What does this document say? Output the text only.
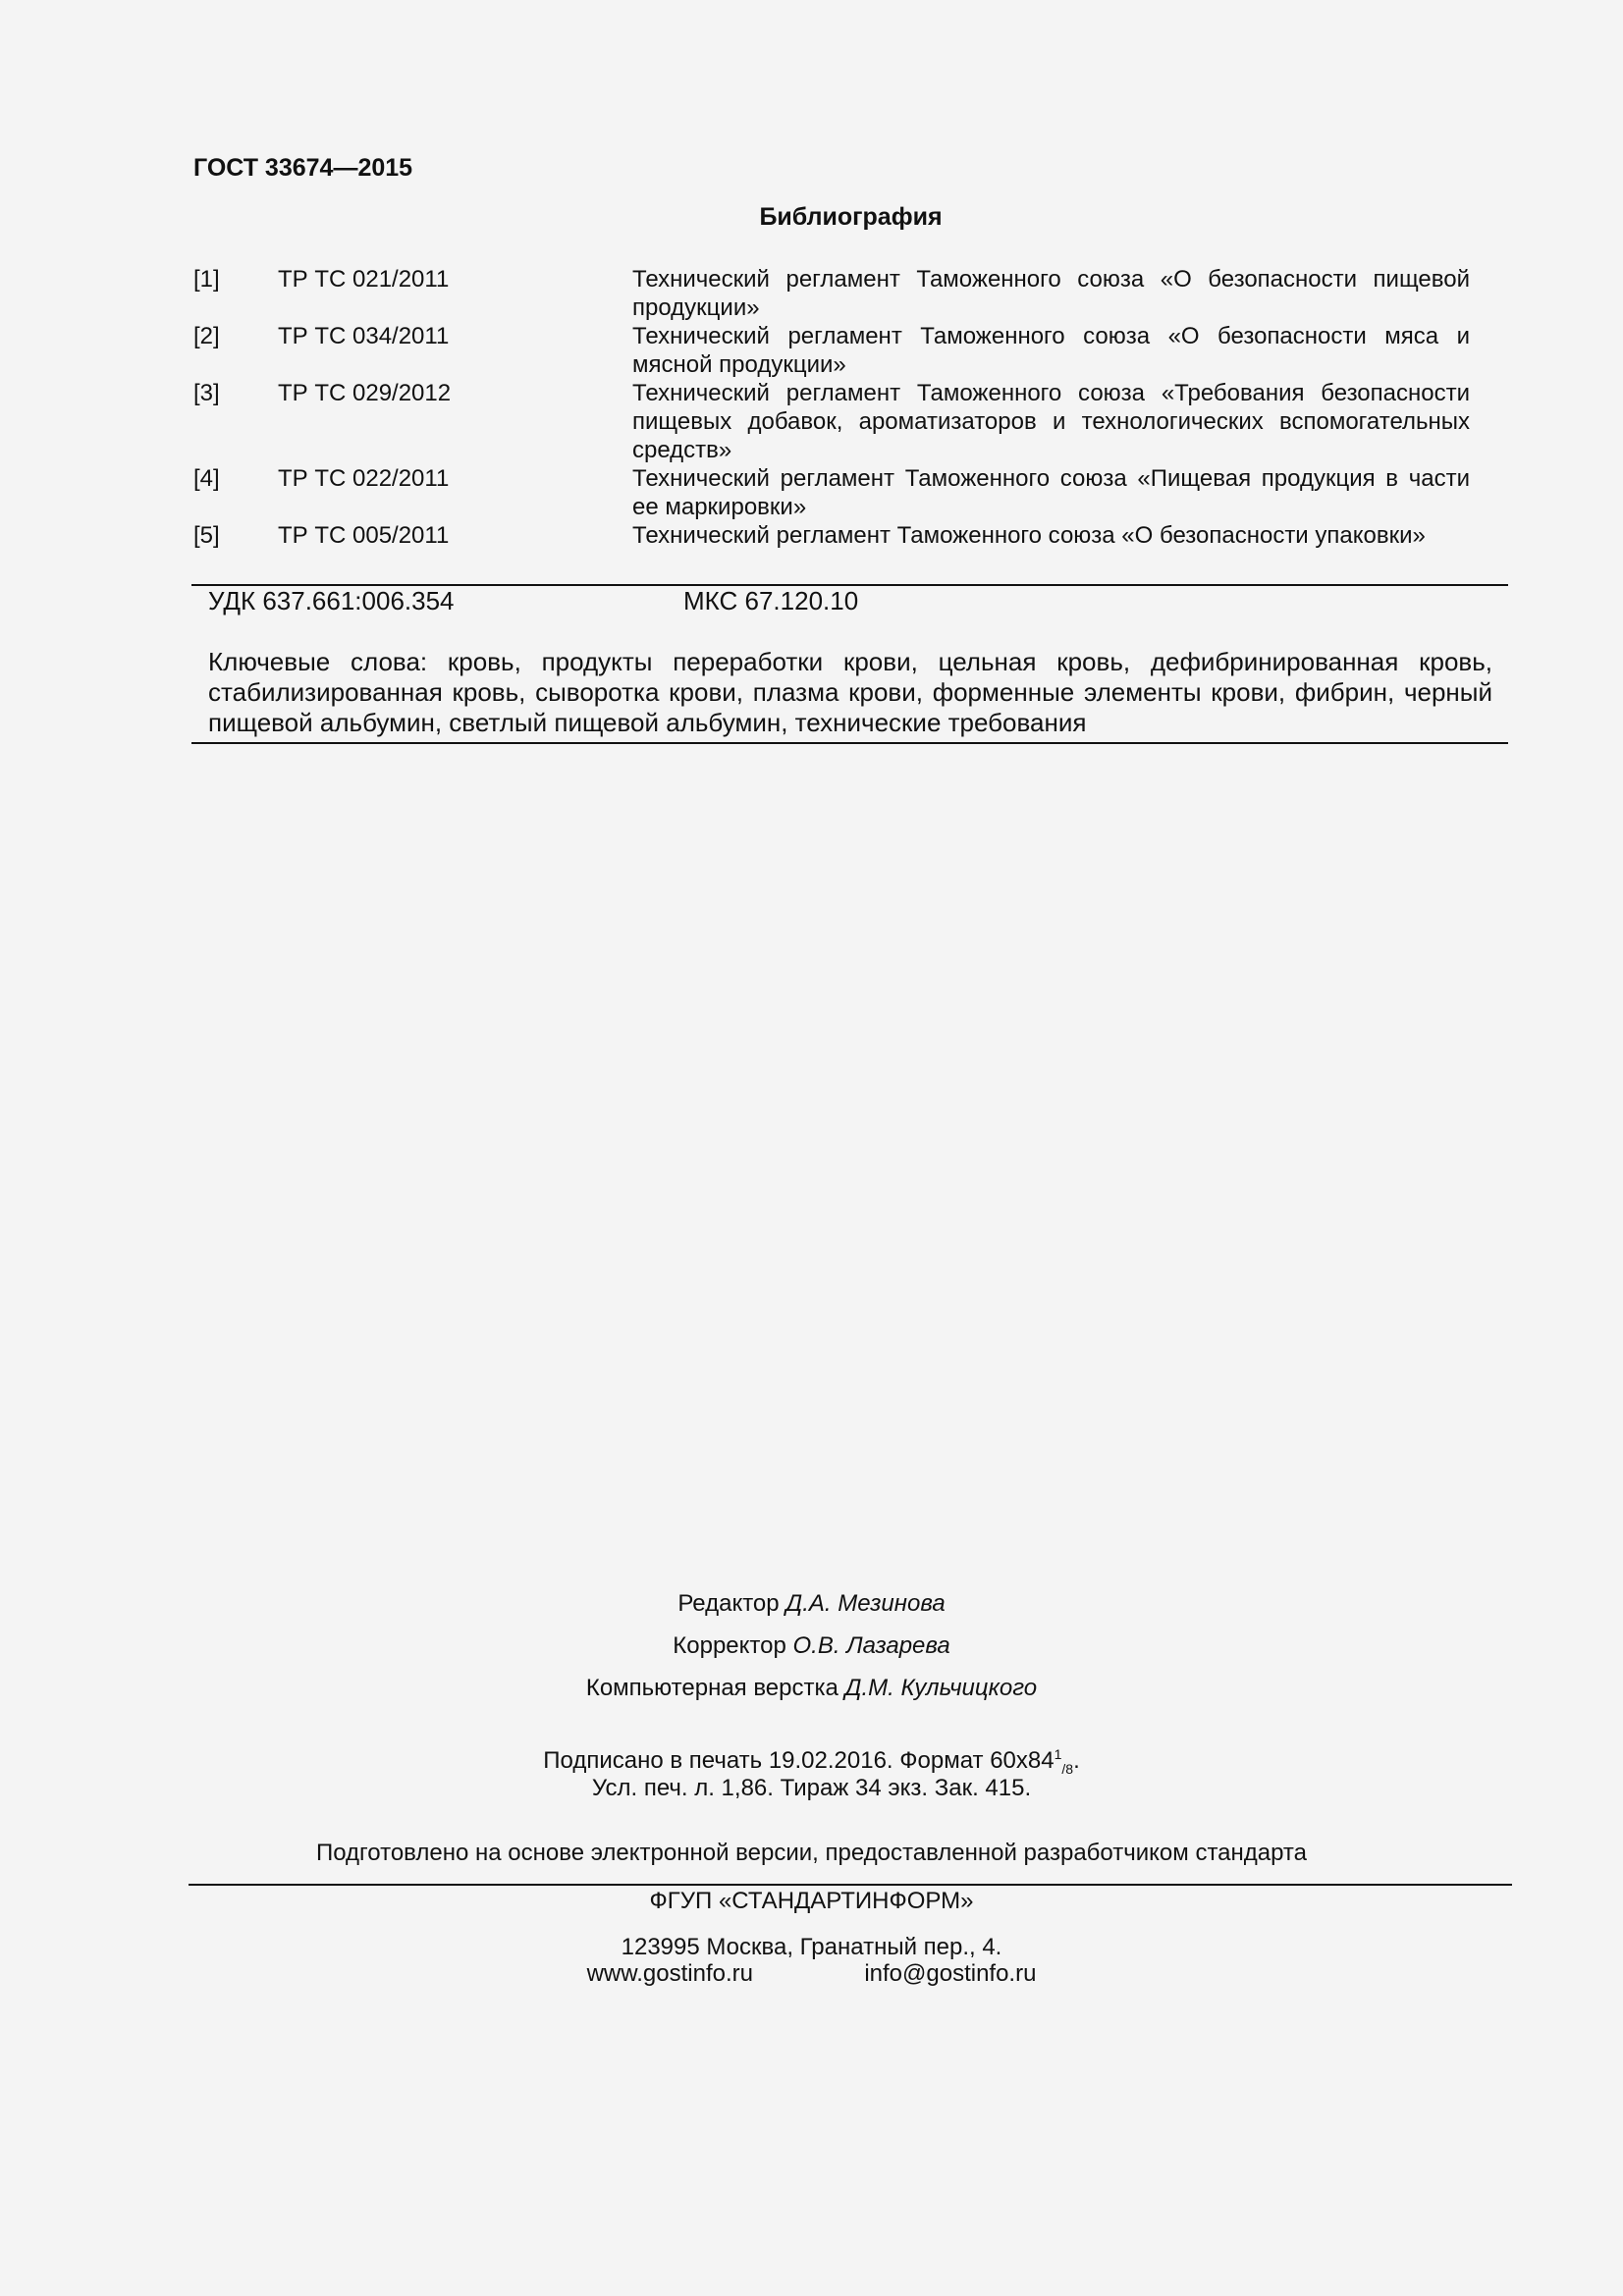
ГОСТ 33674—2015
Библиография
[1]	ТР ТС 021/2011	Технический регламент Таможенного союза «О безопасности пищевой продукции»
[2]	ТР ТС 034/2011	Технический регламент Таможенного союза «О безопасности мяса и мясной продукции»
[3]	ТР ТС 029/2012	Технический регламент Таможенного союза «Требования безопасности пищевых добавок, ароматизаторов и технологических вспомогательных средств»
[4]	ТР ТС 022/2011	Технический регламент Таможенного союза «Пищевая продукция в части ее маркировки»
[5]	ТР ТС 005/2011	Технический регламент Таможенного союза «О безопасности упаковки»
УДК 637.661:006.354	МКС 67.120.10
Ключевые слова: кровь, продукты переработки крови, цельная кровь, дефибринированная кровь, стабилизированная кровь, сыворотка крови, плазма крови, форменные элементы крови, фибрин, черный пищевой альбумин, светлый пищевой альбумин, технические требования
Редактор Д.А. Мезинова
Корректор О.В. Лазарева
Компьютерная верстка Д.М. Кульчицкого
Подписано в печать 19.02.2016. Формат $60x84^1_{/8}$.
Усл. печ. л. 1,86. Тираж 34 экз. Зак. 415.
Подготовлено на основе электронной версии, предоставленной разработчиком стандарта
ФГУП «СТАНДАРТИНФОРМ»
123995 Москва, Гранатный пер., 4.
www.gostinfo.ru	info@gostinfo.ru
